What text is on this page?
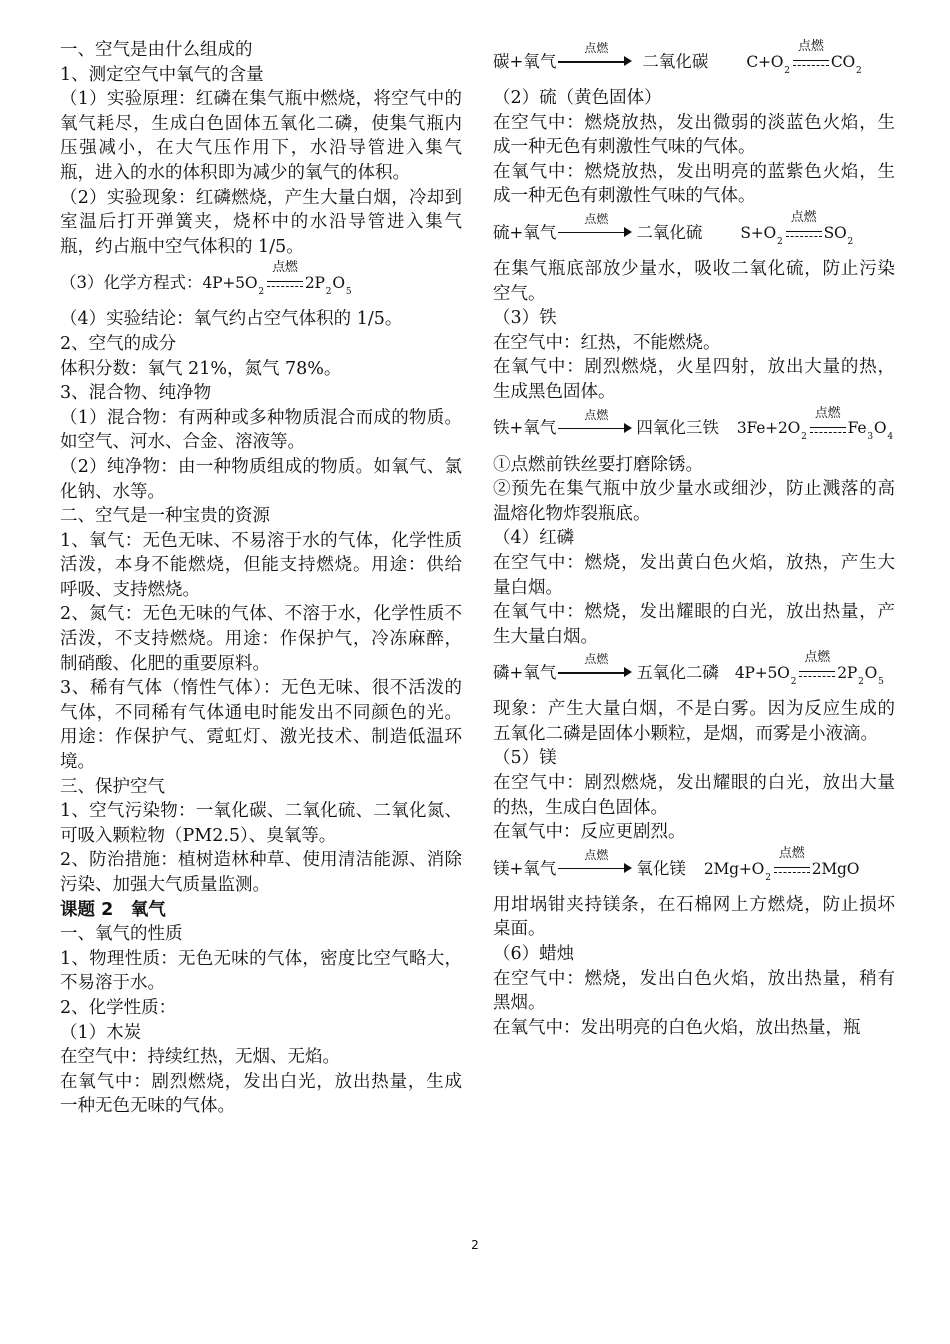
一、空气是由什么组成的
1、测定空气中氧气的含量
（1）实验原理：红磷在集气瓶中燃烧，将空气中的氧气耗尽，生成白色固体五氧化二磷，使集气瓶内压强减小，在大气压作用下，水沿导管进入集气瓶，进入的水的体积即为减少的氧气的体积。
（2）实验现象：红磷燃烧，产生大量白烟，冷却到室温后打开弹簧夹，烧杯中的水沿导管进入集气瓶，约占瓶中空气体积的 1/5。
（3）化学方程式： 4P+5O 2
点燃
2P 2 O 5
（4）实验结论：氧气约占空气体积的 1/5。
2、空气的成分
体积分数：氧气 21%，氮气 78%。
3、混合物、纯净物
（1）混合物：有两种或多种物质混合而成的物质。如空气、河水、合金、溶液等。
（2）纯净物：由一种物质组成的物质。如氧气、氯化钠、水等。
二、空气是一种宝贵的资源
1、氧气：无色无味、不易溶于水的气体，化学性质活泼，本身不能燃烧，但能支持燃烧。用途：供给呼吸、支持燃烧。
2、氮气：无色无味的气体、不溶于水，化学性质不活泼，不支持燃烧。用途：作保护气，冷冻麻醉，制硝酸、化肥的重要原料。
3、稀有气体（惰性气体）：无色无味、很不活泼的气体，不同稀有气体通电时能发出不同颜色的光。用途：作保护气、霓虹灯、激光技术、制造低温环境。
三、保护空气
1、空气污染物：一氧化碳、二氧化硫、二氧化氮、可吸入颗粒物（PM2.5）、臭氧等。
2、防治措施：植树造林种草、使用清洁能源、消除污染、加强大气质量监测。
课题 2　氧气
一、氧气的性质
1、物理性质：无色无味的气体，密度比空气略大，不易溶于水。
2、化学性质：
（1）木炭
在空气中：持续红热，无烟、无焰。
在氧气中：剧烈燃烧，发出白光，放出热量，生成一种无色无味的气体。
碳+氧气
点燃
二氧化碳 C+O 2
点燃
CO 2
（2）硫（黄色固体）
在空气中：燃烧放热，发出微弱的淡蓝色火焰，生成一种无色有刺激性气味的气体。
在氧气中：燃烧放热，发出明亮的蓝紫色火焰，生成一种无色有刺激性气味的气体。
硫+氧气
点燃
二氧化硫 S+O 2
点燃
SO 2
在集气瓶底部放少量水，吸收二氧化硫，防止污染空气。
（3）铁
在空气中：红热，不能燃烧。
在氧气中：剧烈燃烧，火星四射，放出大量的热，生成黑色固体。
铁+氧气
点燃
四氧化三铁 3Fe+2O 2
点燃
Fe 3 O 4
①点燃前铁丝要打磨除锈。
②预先在集气瓶中放少量水或细沙，防止溅落的高温熔化物炸裂瓶底。
（4）红磷
在空气中：燃烧，发出黄白色火焰，放热，产生大量白烟。
在氧气中：燃烧，发出耀眼的白光，放出热量，产生大量白烟。
磷+氧气
点燃
五氧化二磷 4P+5O 2
点燃
2P 2 O 5
现象：产生大量白烟，不是白雾。因为反应生成的五氧化二磷是固体小颗粒，是烟，而雾是小液滴。
（5）镁
在空气中：剧烈燃烧，发出耀眼的白光，放出大量的热，生成白色固体。
在氧气中：反应更剧烈。
镁+氧气
点燃
氧化镁 2Mg+O 2
点燃
2MgO
用坩埚钳夹持镁条，在石棉网上方燃烧，防止损坏桌面。
（6）蜡烛
在空气中：燃烧，发出白色火焰，放出热量，稍有黑烟。
在氧气中：发出明亮的白色火焰，放出热量，瓶
2
